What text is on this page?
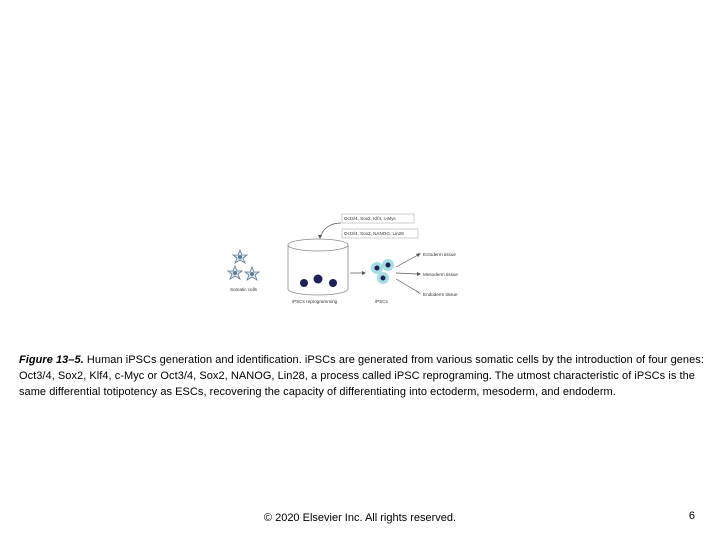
Somatic cells
iPSCs reprogramming
Oct3/4, Sox2, Klf4, c-Myc
Oct3/4, Sox2, NANOG, Lin28
iPSCs
Ectoderm tissue
Mesoderm tissue
Endoderm tissue
Figure 13–5. Human iPSCs generation and identification. iPSCs are generated from various somatic cells by the introduction of four genes: Oct3/4, Sox2, Klf4, c-Myc or Oct3/4, Sox2, NANOG, Lin28, a process called iPSC reprograming. The utmost characteristic of iPSCs is the same differential totipotency as ESCs, recovering the capacity of differentiating into ectoderm, mesoderm, and endoderm.
© 2020 Elsevier Inc. All rights reserved.	6
